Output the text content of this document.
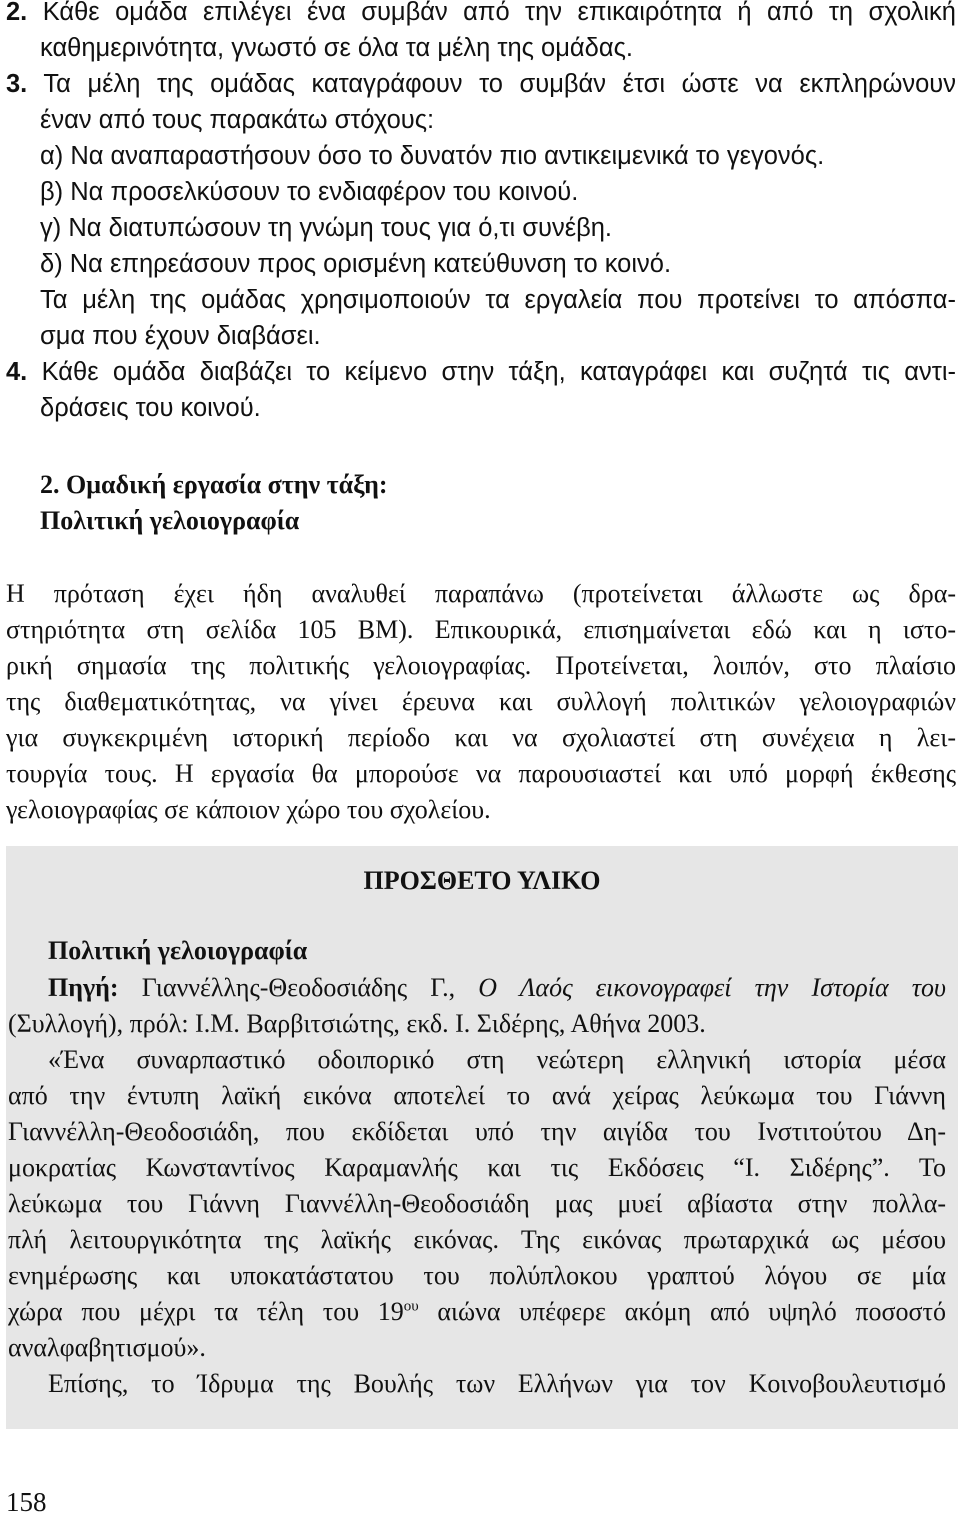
2. Κάθε ομάδα επιλέγει ένα συμβάν από την επικαιρότητα ή από τη σχολική
καθημερινότητα, γνωστό σε όλα τα μέλη της ομάδας.
3. Τα μέλη της ομάδας καταγράφουν το συμβάν έτσι ώστε να εκπληρώνουν
έναν από τους παρακάτω στόχους:
α) Να αναπαραστήσουν όσο το δυνατόν πιο αντικειμενικά το γεγονός.
β) Να προσελκύσουν το ενδιαφέρον του κοινού.
γ) Να διατυπώσουν τη γνώμη τους για ό,τι συνέβη.
δ) Να επηρεάσουν προς ορισμένη κατεύθυνση το κοινό.
Τα μέλη της ομάδας χρησιμοποιούν τα εργαλεία που προτείνει το απόσπα-
σμα που έχουν διαβάσει.
4. Κάθε ομάδα διαβάζει το κείμενο στην τάξη, καταγράφει και συζητά τις αντι-
δράσεις του κοινού.
2. Ομαδική εργασία στην τάξη:
Πολιτική γελοιογραφία
Η πρόταση έχει ήδη αναλυθεί παραπάνω (προτείνεται άλλωστε ως δρα-
στηριότητα στη σελίδα 105 ΒΜ). Επικουρικά, επισημαίνεται εδώ και η ιστο-
ρική σημασία της πολιτικής γελοιογραφίας. Προτείνεται, λοιπόν, στο πλαίσιο
της διαθεματικότητας, να γίνει έρευνα και συλλογή πολιτικών γελοιογραφιών
για συγκεκριμένη ιστορική περίοδο και να σχολιαστεί στη συνέχεια η λει-
τουργία τους. Η εργασία θα μπορούσε να παρουσιαστεί και υπό μορφή έκθεσης
γελοιογραφίας σε κάποιον χώρο του σχολείου.
ΠΡΟΣΘΕΤΟ ΥΛΙΚΟ
Πολιτική γελοιογραφία
Πηγή: Γιαννέλλης-Θεοδοσιάδης Γ., Ο Λαός εικονογραφεί την Ιστορία του
(Συλλογή), πρόλ: Ι.Μ. Βαρβιτσιώτης, εκδ. Ι. Σιδέρης, Αθήνα 2003.
«Ένα συναρπαστικό οδοιπορικό στη νεώτερη ελληνική ιστορία μέσα
από την έντυπη λαϊκή εικόνα αποτελεί το ανά χείρας λεύκωμα του Γιάννη
Γιαννέλλη-Θεοδοσιάδη, που εκδίδεται υπό την αιγίδα του Ινστιτούτου Δη-
μοκρατίας Κωνσταντίνος Καραμανλής και τις Εκδόσεις “Ι. Σιδέρης”. Το
λεύκωμα του Γιάννη Γιαννέλλη-Θεοδοσιάδη μας μυεί αβίαστα στην πολλα-
πλή λειτουργικότητα της λαϊκής εικόνας. Της εικόνας πρωταρχικά ως μέσου
ενημέρωσης και υποκατάστατου του πολύπλοκου γραπτού λόγου σε μία
χώρα που μέχρι τα τέλη του $19^{o\upsilon}$ αιώνα υπέφερε ακόμη από υψηλό ποσοστό
αναλφαβητισμού».
Επίσης, το Ίδρυμα της Βουλής των Ελλήνων για τον Κοινοβουλευτισμό
158
